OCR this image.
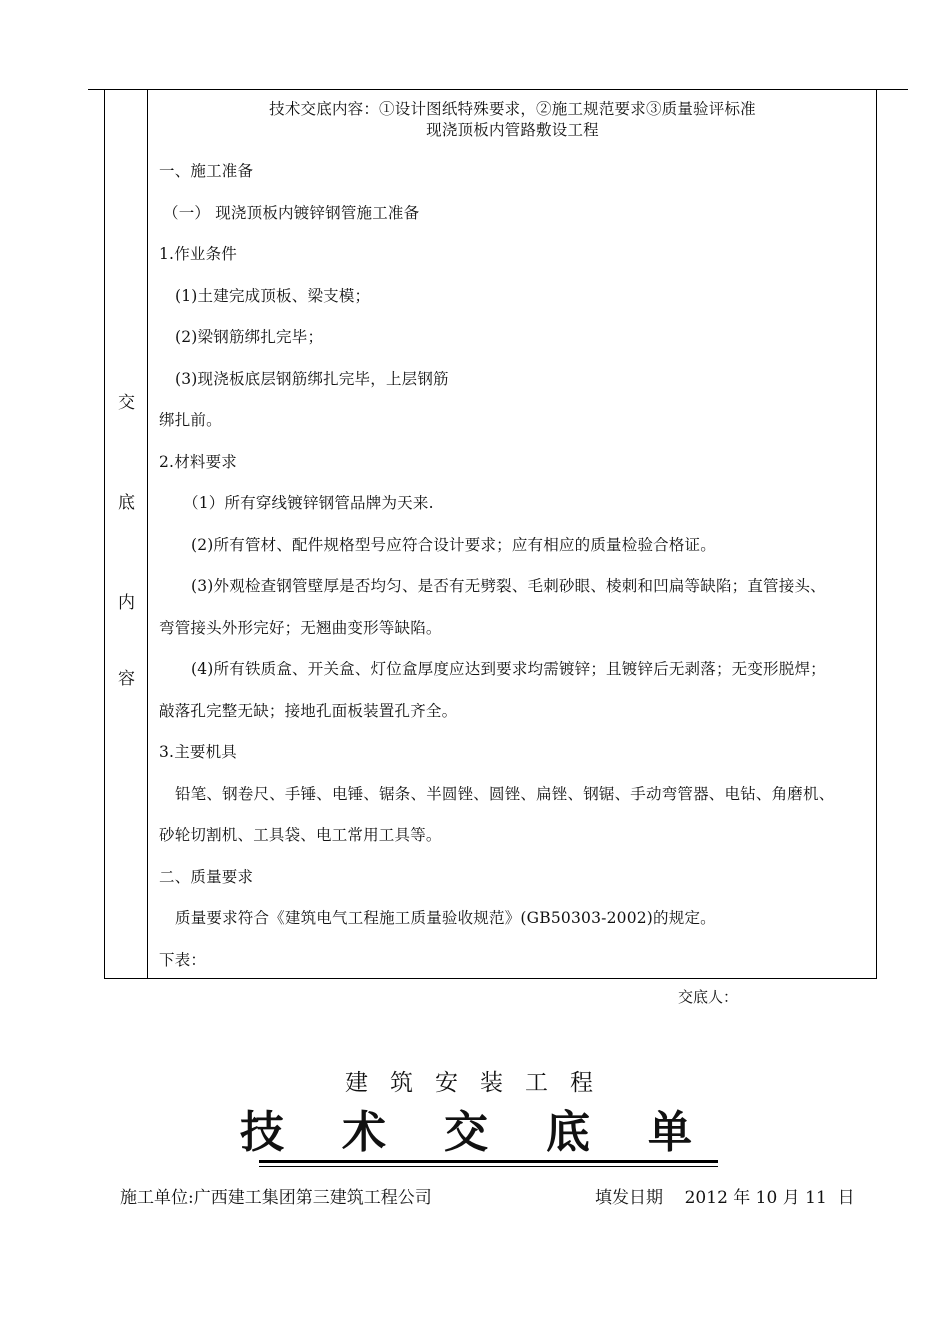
交
底
内
容
技术交底内容：①设计图纸特殊要求，②施工规范要求③质量验评标准
现浇顶板内管路敷设工程
一、施工准备
（一） 现浇顶板内镀锌钢管施工准备
1.作业条件
(1)土建完成顶板、梁支模；
(2)梁钢筋绑扎完毕；
(3)现浇板底层钢筋绑扎完毕，上层钢筋
绑扎前。
2.材料要求
（1）所有穿线镀锌钢管品牌为天来.
(2)所有管材、配件规格型号应符合设计要求；应有相应的质量检验合格证。
(3)外观检查钢管壁厚是否均匀、是否有无劈裂、毛刺砂眼、棱刺和凹扁等缺陷；直管接头、
弯管接头外形完好；无翘曲变形等缺陷。
(4)所有铁质盒、开关盒、灯位盒厚度应达到要求均需镀锌；且镀锌后无剥落；无变形脱焊；
敲落孔完整无缺；接地孔面板装置孔齐全。
3.主要机具
铅笔、钢卷尺、手锤、电锤、锯条、半圆锉、圆锉、扁锉、钢锯、手动弯管器、电钻、角磨机、
砂轮切割机、工具袋、电工常用工具等。
二、质量要求
质量要求符合《建筑电气工程施工质量验收规范》(GB50303-2002)的规定。
下表：
交底人：
建筑安装工程
技术交底单
施工单位:广西建工集团第三建筑工程公司	填发日期    2012 年 10 月 11  日
